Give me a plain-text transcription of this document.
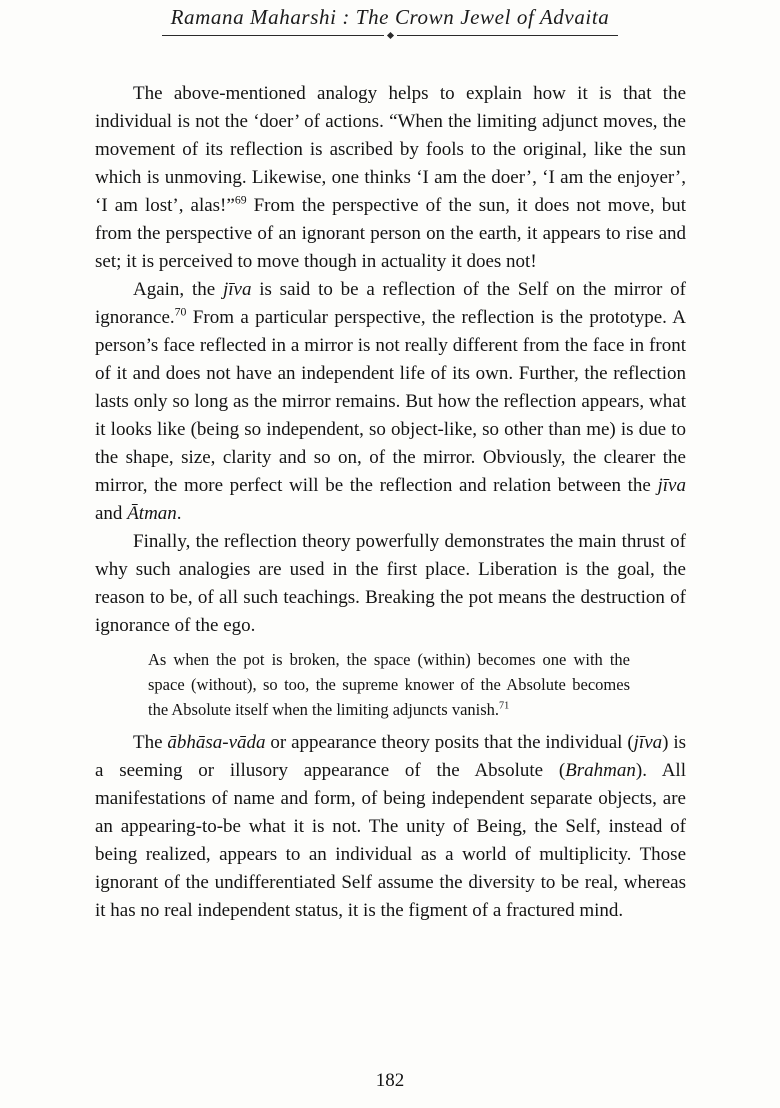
Ramana Maharshi : The Crown Jewel of Advaita

The above-mentioned analogy helps to explain how it is that the individual is not the ‘doer’ of actions. “When the limiting adjunct moves, the movement of its reflection is ascribed by fools to the original, like the sun which is unmoving. Likewise, one thinks ‘I am the doer’, ‘I am the enjoyer’, ‘I am lost’, alas!”$^{69}$ From the perspective of the sun, it does not move, but from the perspective of an ignorant person on the earth, it appears to rise and set; it is perceived to move though in actuality it does not!

Again, the jīva is said to be a reflection of the Self on the mirror of ignorance.$^{70}$ From a particular perspective, the reflection is the prototype. A person’s face reflected in a mirror is not really different from the face in front of it and does not have an independent life of its own. Further, the reflection lasts only so long as the mirror remains. But how the reflection appears, what it looks like (being so independent, so object-like, so other than me) is due to the shape, size, clarity and so on, of the mirror. Obviously, the clearer the mirror, the more perfect will be the reflection and relation between the jīva and Ātman.

Finally, the reflection theory powerfully demonstrates the main thrust of why such analogies are used in the first place. Liberation is the goal, the reason to be, of all such teachings. Breaking the pot means the destruction of ignorance of the ego.

As when the pot is broken, the space (within) becomes one with the space (without), so too, the supreme knower of the Absolute becomes the Absolute itself when the limiting adjuncts vanish.$^{71}$

The ābhāsa-vāda or appearance theory posits that the individual (jīva) is a seeming or illusory appearance of the Absolute (Brahman). All manifestations of name and form, of being independent separate objects, are an appearing-to-be what it is not. The unity of Being, the Self, instead of being realized, appears to an individual as a world of multiplicity. Those ignorant of the undifferentiated Self assume the diversity to be real, whereas it has no real independent status, it is the figment of a fractured mind.

182
